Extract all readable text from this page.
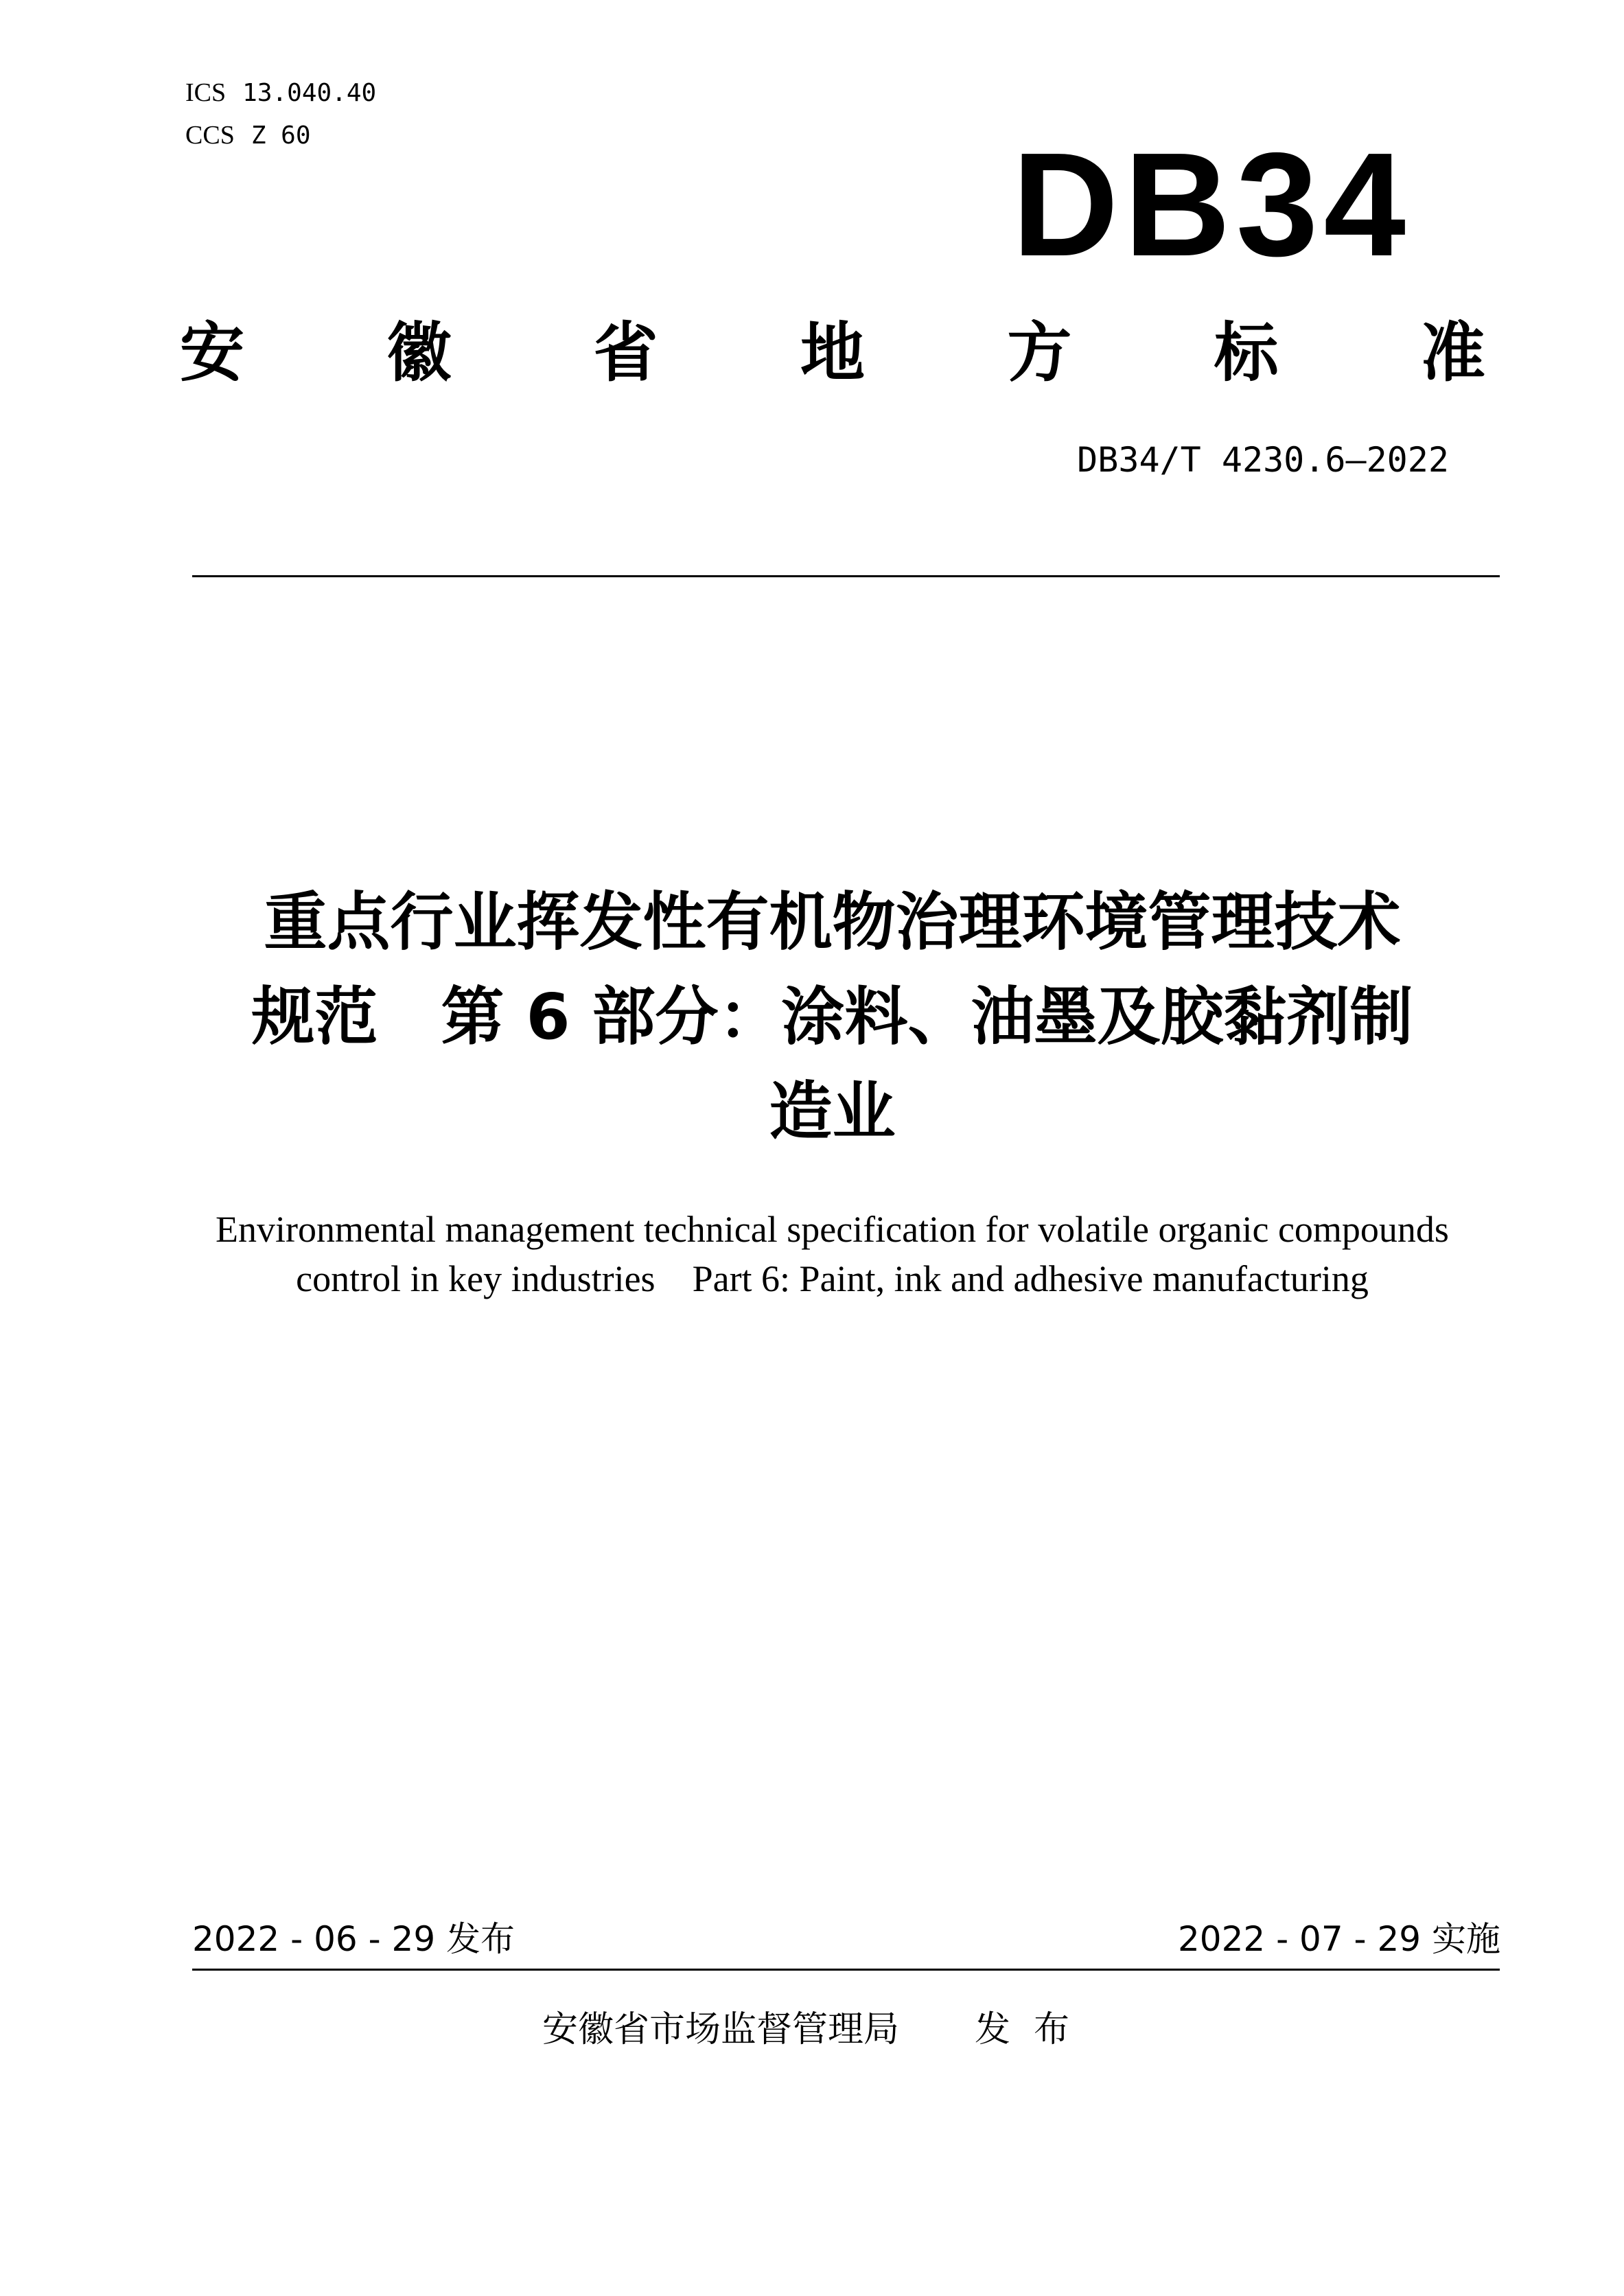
ICS 13.040.40
CCS Z 60	DB34
安 徽 省 地 方 标 准
DB34/T 4230.6—2022
重点行业挥发性有机物治理环境管理技术
规范　第 6 部分：涂料、油墨及胶黏剂制
造业
Environmental management technical specification for volatile organic compounds
control in key industries　Part 6: Paint, ink and adhesive manufacturing
2022 - 06 - 29 发布	2022 - 07 - 29 实施
安徽省市场监督管理局 发布
